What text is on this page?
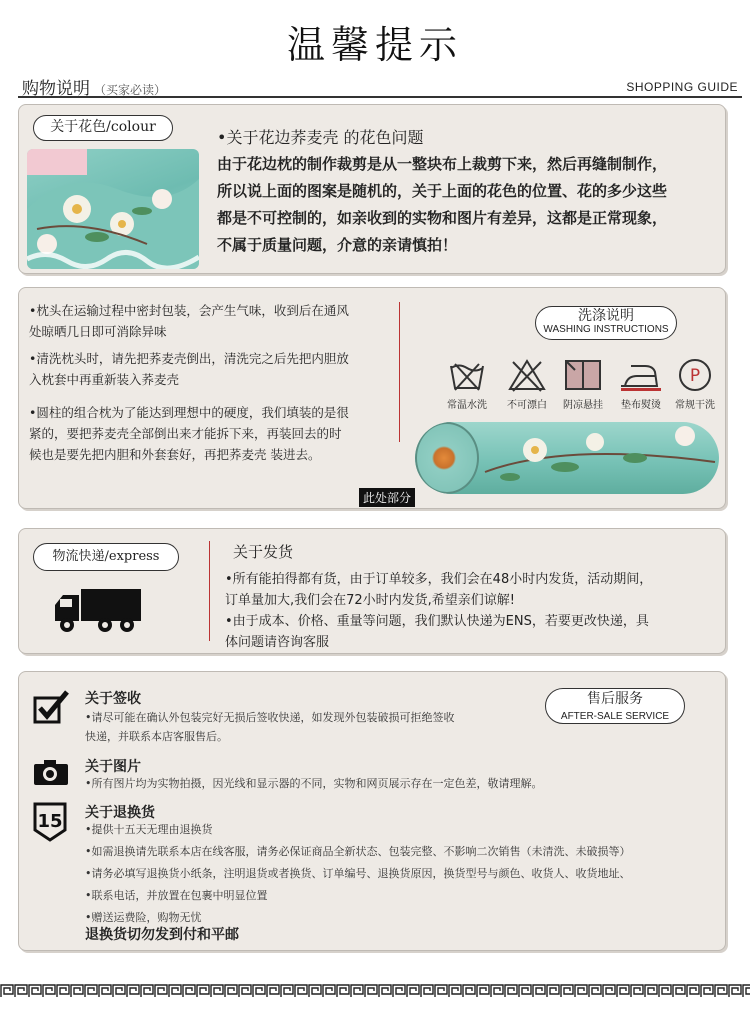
温馨提示
购物说明 （买家必读）	SHOPPING GUIDE
关于花色/colour
•关于花边荞麦壳 的花色问题
由于花边枕的制作裁剪是从一整块布上裁剪下来，然后再缝制制作，
所以说上面的图案是随机的，关于上面的花色的位置、花的多少这些
都是不可控制的，如亲收到的实物和图片有差异，这都是正常现象，
不属于质量问题，介意的亲请慎拍！
•枕头在运输过程中密封包装，会产生气味，收到后在通风
处晾晒几日即可消除异味
•清洗枕头时，请先把荞麦壳倒出，清洗完之后先把内胆放
入枕套中再重新装入荞麦壳
•圆柱的组合枕为了能达到理想中的硬度，我们填装的是很
紧的，要把荞麦壳全部倒出来才能拆下来，再装回去的时
候也是要先把内胆和外套套好，再把荞麦壳 装进去。
洗涤说明
WASHING INSTRUCTIONS
常温水洗	不可漂白	阴凉悬挂	垫布熨烫
P
常规干洗
此处部分
物流快递/express	关于发货
•所有能拍得都有货，由于订单较多，我们会在48小时内发货，活动期间，
订单量加大,我们会在72小时内发货,希望亲们谅解!
•由于成本、价格、重量等问题，我们默认快递为ENS，若要更改快递，具
体问题请咨询客服
售后服务
AFTER-SALE SERVICE
关于签收
•请尽可能在确认外包装完好无损后签收快递，如发现外包装破损可拒绝签收
快递，并联系本店客服售后。
关于图片
•所有图片均为实物拍摄，因光线和显示器的不同，实物和网页展示存在一定色差，敬请理解。
15 关于退换货
•提供十五天无理由退换货
•如需退换请先联系本店在线客服，请务必保证商品全新状态、包装完整、不影响二次销售（未清洗、未破损等）
•请务必填写退换货小纸条，注明退货或者换货、订单编号、退换货原因，换货型号与颜色、收货人、收货地址、
•联系电话，并放置在包裹中明显位置
•赠送运费险，购物无忧
退换货切勿发到付和平邮
